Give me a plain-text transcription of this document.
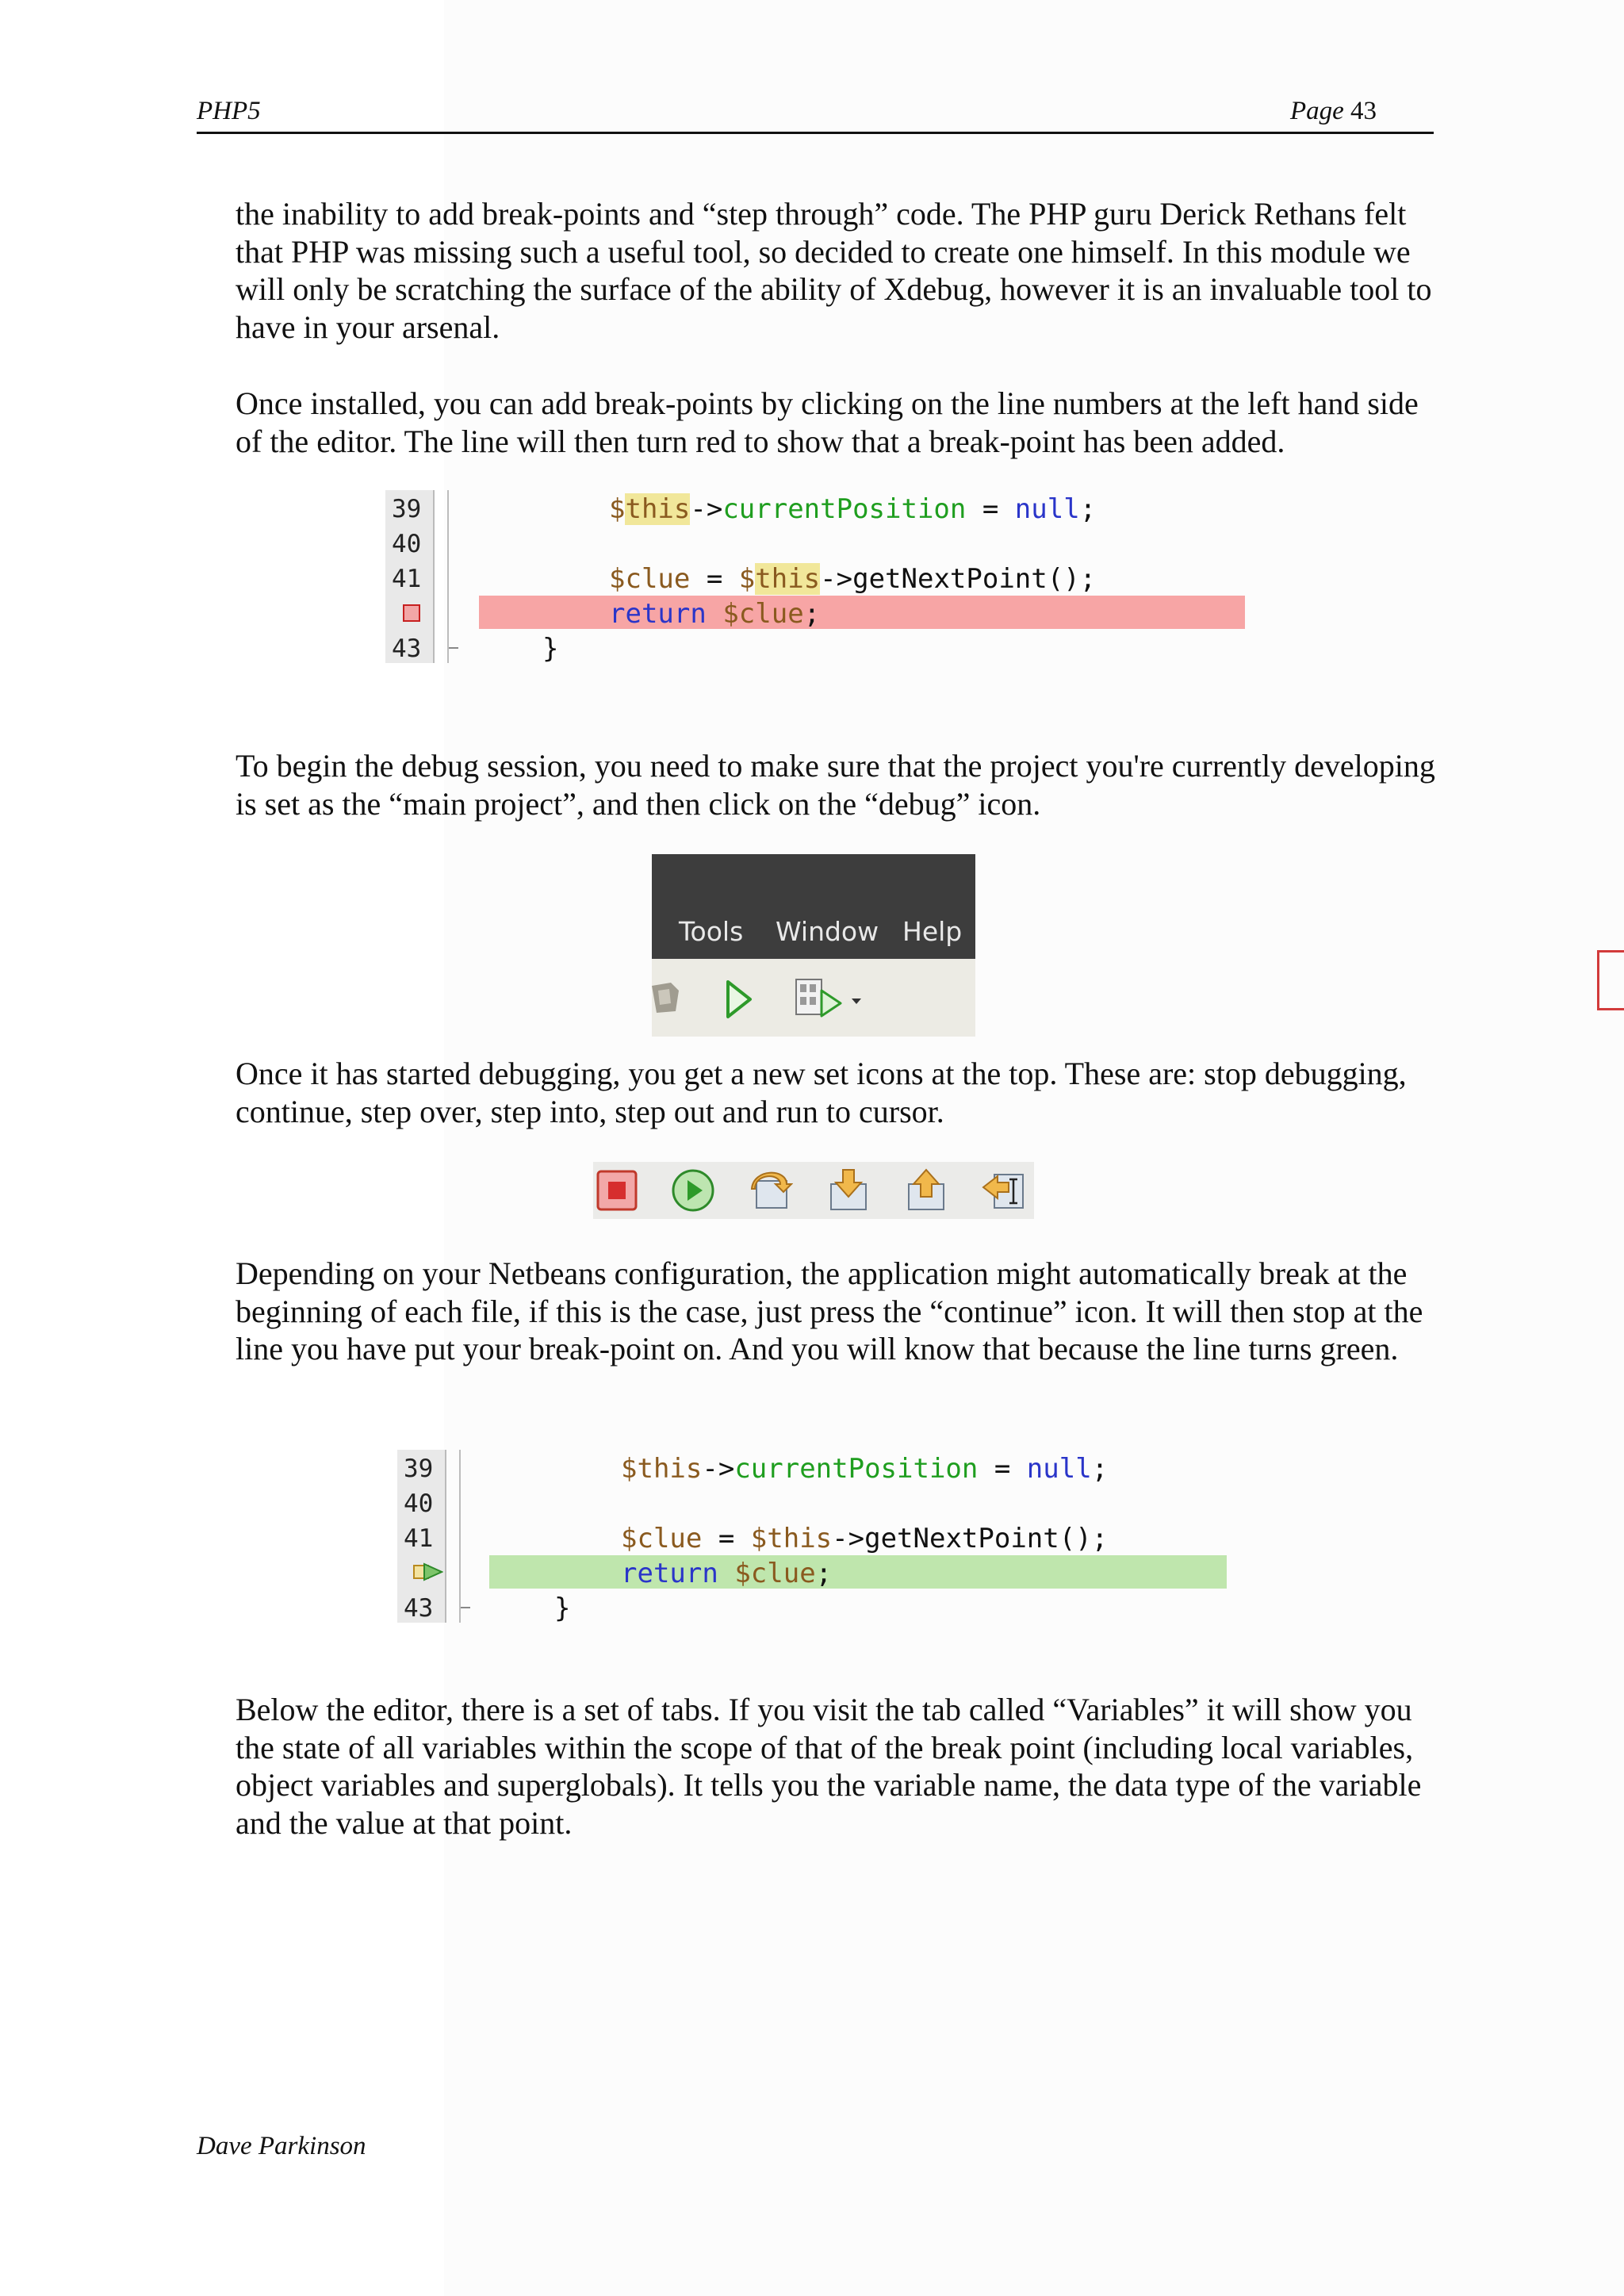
PHP5	Page 43

the inability to add break-points and “step through” code. The PHP guru Derick Rethans felt that PHP was missing such a useful tool, so decided to create one himself. In this module we will only be scratching the surface of the ability of Xdebug, however it is an invaluable tool to have in your arsenal.

Once installed, you can add break-points by clicking on the line numbers at the left hand side of the editor. The line will then turn red to show that a break-point has been added.

39
40
41
43
$this->currentPosition = null;
$clue = $this->getNextPoint();
return $clue;
}

To begin the debug session, you need to make sure that the project you're currently developing is set as the “main project”, and then click on the “debug” icon.

Tools Window Help

Once it has started debugging, you get a new set icons at the top. These are: stop debugging, continue, step over, step into, step out and run to cursor.

Depending on your Netbeans configuration, the application might automatically break at the beginning of each file, if this is the case, just press the “continue” icon. It will then stop at the line you have put your break-point on. And you will know that because the line turns green.

39
40
41
43
$this->currentPosition = null;
$clue = $this->getNextPoint();
return $clue;
}

Below the editor, there is a set of tabs. If you visit the tab called “Variables” it will show you the state of all variables within the scope of that of the break point (including local variables, object variables and superglobals). It tells you the variable name, the data type of the variable and the value at that point.

Dave Parkinson
